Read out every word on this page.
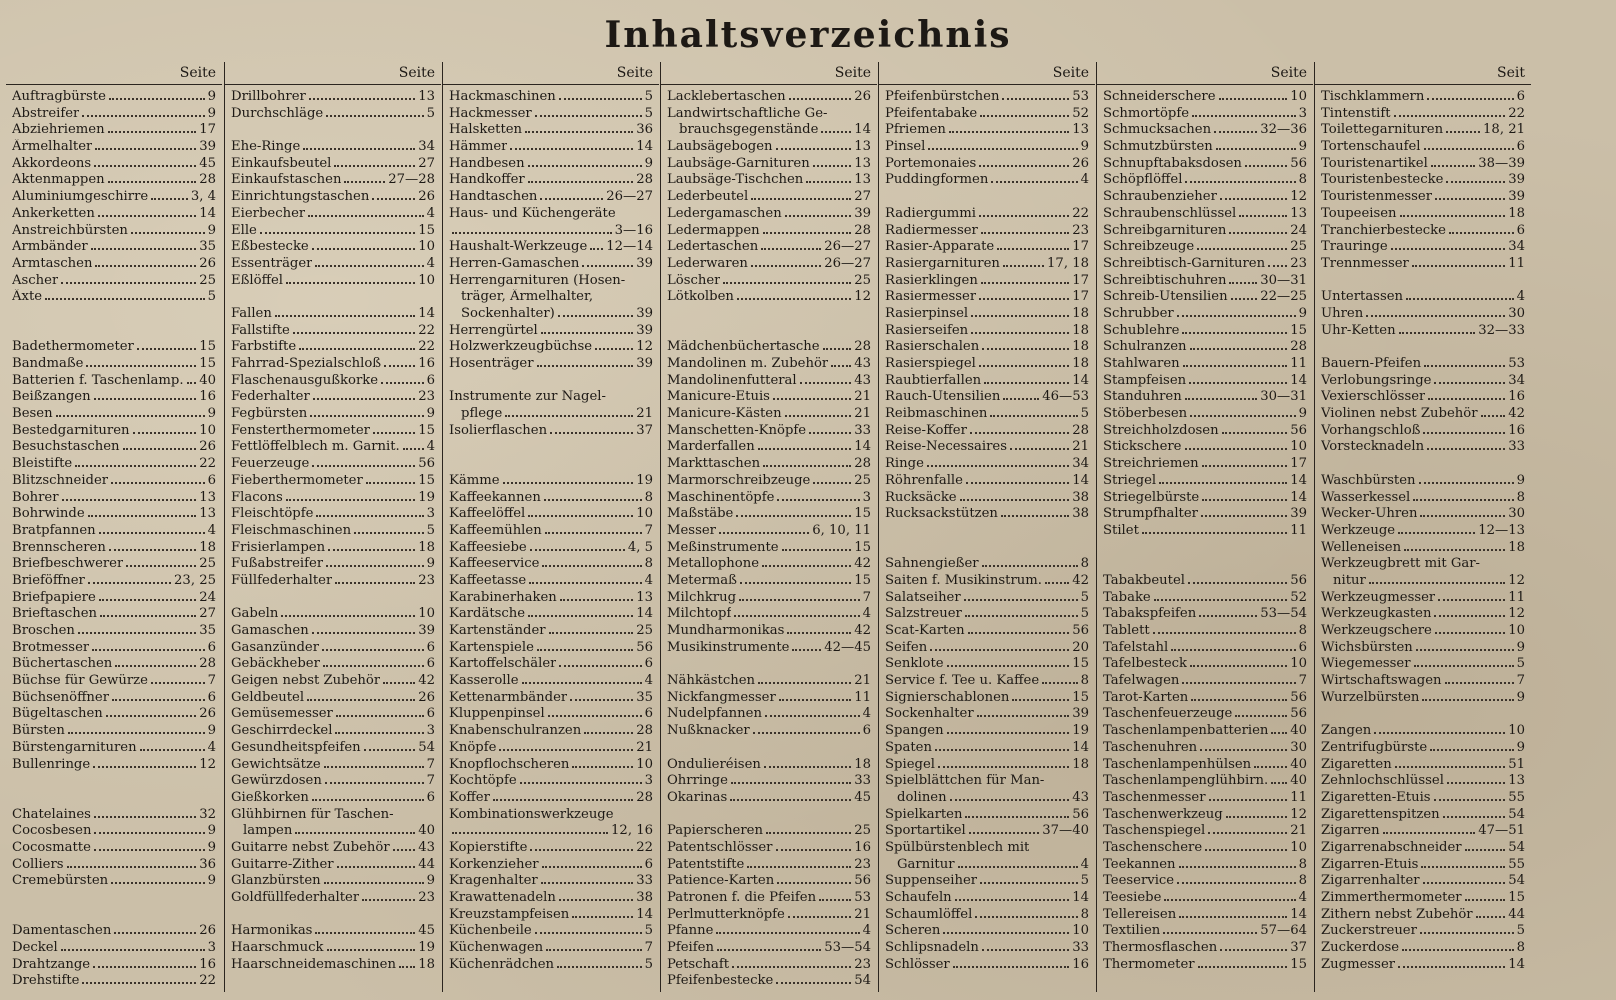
Inhaltsverzeichnis
Seite
Auftragbürste	9
Abstreifer	9
Abziehriemen	17
Ärmelhalter	39
Akkordeons	45
Aktenmappen	28
Aluminiumgeschirre	3, 4
Ankerketten	14
Anstreichbürsten	9
Armbänder	35
Armtaschen	26
Ascher	25
Äxte	5
Badethermometer	15
Bandmaße	15
Batterien f. Taschenlamp. 40
Beißzangen	16
Besen	9
Bestedgarnituren	10
Besuchstaschen	26
Bleistifte	22
Blitzschneider	6
Bohrer	13
Bohrwinde	13
Bratpfannen	4
Brennscheren	18
Briefbeschwerer	25
Brieföffner	23, 25
Briefpapiere	24
Brieftaschen	27
Broschen	35
Brotmesser	6
Büchertaschen	28
Büchse für Gewürze	7
Büchsenöffner	6
Bügeltaschen	26
Bürsten	9
Bürstengarnituren	4
Bullenringe	12
Chatelaines	32
Cocosbesen	9
Cocosmatte	9
Colliers	36
Cremebürsten	9
Damentaschen	26
Deckel	3
Drahtzange	16
Drehstifte	22
Seite
Drillbohrer	13
Durchschläge	5
Ehe-Ringe	34
Einkaufsbeutel	27
Einkaufstaschen	27—28
Einrichtungstaschen	26
Eierbecher	4
Elle	15
Eßbestecke	10
Essenträger	4
Eßlöffel	10
Fallen	14
Fallstifte	22
Farbstifte	22
Fahrrad-Spezialschloß	16
Flaschenausgußkorke	6
Federhalter	23
Fegbürsten	9
Fensterthermometer	15
Fettlöffelblech m. Garnit. 4
Feuerzeuge	56
Fieberthermometer	15
Flacons	19
Fleischtöpfe	3
Fleischmaschinen	5
Frisierlampen	18
Fußabstreifer	9
Füllfederhalter	23
Gabeln	10
Gamaschen	39
Gasanzünder	6
Gebäckheber	6
Geigen nebst Zubehör	42
Geldbeutel	26
Gemüsemesser	6
Geschirrdeckel	3
Gesundheitspfeifen	54
Gewichtsätze	7
Gewürzdosen	7
Gießkorken	6
Glühbirnen für Taschen-
lampen	40
Guitarre nebst Zubehör 43
Guitarre-Zither	44
Glanzbürsten	9
Goldfüllfederhalter	23
Harmonikas	45
Haarschmuck	19
Haarschneidemaschinen 18
Seite
Hackmaschinen	5
Hackmesser	5
Halsketten	36
Hämmer	14
Handbesen	9
Handkoffer	28
Handtaschen	26—27
Haus- und Küchengeräte
3—16
Haushalt-Werkzeuge 12—14
Herren-Gamaschen	39
Herrengarnituren (Hosen-
träger, Ärmelhalter,
Sockenhalter)	39
Herrengürtel	39
Holzwerkzeugbüchse	12
Hosenträger	39
Instrumente zur Nagel-
pflege	21
Isolierflaschen	37
Kämme	19
Kaffeekannen	8
Kaffeelöffel	10
Kaffeemühlen	7
Kaffeesiebe	4, 5
Kaffeeservice	8
Kaffeetasse	4
Karabinerhaken	13
Kardätsche	14
Kartenständer	25
Kartenspiele	56
Kartoffelschäler	6
Kasserolle	4
Kettenarmbänder	35
Kluppenpinsel	6
Knabenschulranzen	28
Knöpfe	21
Knopflochscheren	10
Kochtöpfe	3
Koffer	28
Kombinationswerkzeuge
12, 16
Kopierstifte	22
Korkenzieher	6
Kragenhalter	33
Krawattenadeln	38
Kreuzstampfeisen	14
Küchenbeile	5
Küchenwagen	7
Küchenrädchen	5
Seite
Lacklebertaschen	26
Landwirtschaftliche Ge-
brauchsgegenstände	14
Laubsägebogen	13
Laubsäge-Garnituren	13
Laubsäge-Tischchen	13
Lederbeutel	27
Ledergamaschen	39
Ledermappen	28
Ledertaschen	26—27
Lederwaren	26—27
Löscher	25
Lötkolben	12
Mädchenbüchertasche	28
Mandolinen m. Zubehör 43
Mandolinenfutteral	43
Manicure-Etuis	21
Manicure-Kästen	21
Manschetten-Knöpfe	33
Marderfallen	14
Markttaschen	28
Marmorschreibzeuge	25
Maschinentöpfe	3
Maßstäbe	15
Messer	6, 10, 11
Meßinstrumente	15
Metallophone	42
Metermaß	15
Milchkrug	7
Milchtopf	4
Mundharmonikas	42
Musikinstrumente	42—45
Nähkästchen	21
Nickfangmesser	11
Nudelpfannen	4
Nußknacker	6
Ondulieréisen	18
Ohrringe	33
Okarinas	45
Papierscheren	25
Patentschlösser	16
Patentstifte	23
Patience-Karten	56
Patronen f. die Pfeifen	53
Perlmutterknöpfe	21
Pfanne	4
Pfeifen	53—54
Petschaft	23
Pfeifenbestecke	54
Seite
Pfeifenbürstchen	53
Pfeifentabake	52
Pfriemen	13
Pinsel	9
Portemonaies	26
Puddingformen	4
Radiergummi	22
Radiermesser	23
Rasier-Apparate	17
Rasiergarnituren	17, 18
Rasierklingen	17
Rasiermesser	17
Rasierpinsel	18
Rasierseifen	18
Rasierschalen	18
Rasierspiegel	18
Raubtierfallen	14
Rauch-Utensilien	46—53
Reibmaschinen	5
Reise-Koffer	28
Reise-Necessaires	21
Ringe	34
Röhrenfalle	14
Rucksäcke	38
Rucksackstützen	38
Sahnengießer	8
Saiten f. Musikinstrum. 42
Salatseiher	5
Salzstreuer	5
Scat-Karten	56
Seifen	20
Senklote	15
Service f. Tee u. Kaffee	8
Signierschablonen	15
Sockenhalter	39
Spangen	19
Spaten	14
Spiegel	18
Spielblättchen für Man-
dolinen	43
Spielkarten	56
Sportartikel	37—40
Spülbürstenblech mit
Garnitur	4
Suppenseiher	5
Schaufeln	14
Schaumlöffel	8
Scheren	10
Schlipsnadeln	33
Schlösser	16
Seite
Schneiderschere	10
Schmortöpfe	3
Schmucksachen	32—36
Schmutzbürsten	9
Schnupftabaksdosen	56
Schöpflöffel	8
Schraubenzieher	12
Schraubenschlüssel	13
Schreibgarnituren	24
Schreibzeuge	25
Schreibtisch-Garnituren 23
Schreibtischuhren	30—31
Schreib-Utensilien 22—25
Schrubber	9
Schublehre	15
Schulranzen	28
Stahlwaren	11
Stampfeisen	14
Standuhren	30—31
Stöberbesen	9
Streichholzdosen	56
Stickschere	10
Streichriemen	17
Striegel	14
Striegelbürste	14
Strumpfhalter	39
Stilet	11
Tabakbeutel	56
Tabake	52
Tabakspfeifen	53—54
Tablett	8
Tafelstahl	6
Tafelbesteck	10
Tafelwagen	7
Tarot-Karten	56
Taschenfeuerzeuge	56
Taschenlampenbatterien 40
Taschenuhren	30
Taschenlampenhülsen	40
Taschenlampenglühbirn. 40
Taschenmesser	11
Taschenwerkzeug	12
Taschenspiegel	21
Taschenschere	10
Teekannen	8
Teeservice	8
Teesiebe	4
Tellereisen	14
Textilien	57—64
Thermosflaschen	37
Thermometer	15
Seit
Tischklammern	6
Tintenstift	22
Toilettegarnituren	18, 21
Tortenschaufel	6
Touristenartikel	38—39
Touristenbestecke	39
Touristenmesser	39
Toupeeisen	18
Tranchierbestecke	6
Trauringe	34
Trennmesser	11
Untertassen	4
Uhren	30
Uhr-Ketten	32—33
Bauern-Pfeifen	53
Verlobungsringe	34
Vexierschlösser	16
Violinen nebst Zubehör 42
Vorhangschloß	16
Vorstecknadeln	33
Waschbürsten	9
Wasserkessel	8
Wecker-Uhren	30
Werkzeuge	12—13
Welleneisen	18
Werkzeugbrett mit Gar-
nitur	12
Werkzeugmesser	11
Werkzeugkasten	12
Werkzeugschere	10
Wichsbürsten	9
Wiegemesser	5
Wirtschaftswagen	7
Wurzelbürsten	9
Zangen	10
Zentrifugbürste	9
Zigaretten	51
Zehnlochschlüssel	13
Zigaretten-Etuis	55
Zigarettenspitzen	54
Zigarren	47—51
Zigarrenabschneider	54
Zigarren-Etuis	55
Zigarrenhalter	54
Zimmerthermometer	15
Zithern nebst Zubehör	44
Zuckerstreuer	5
Zuckerdose	8
Zugmesser	14
